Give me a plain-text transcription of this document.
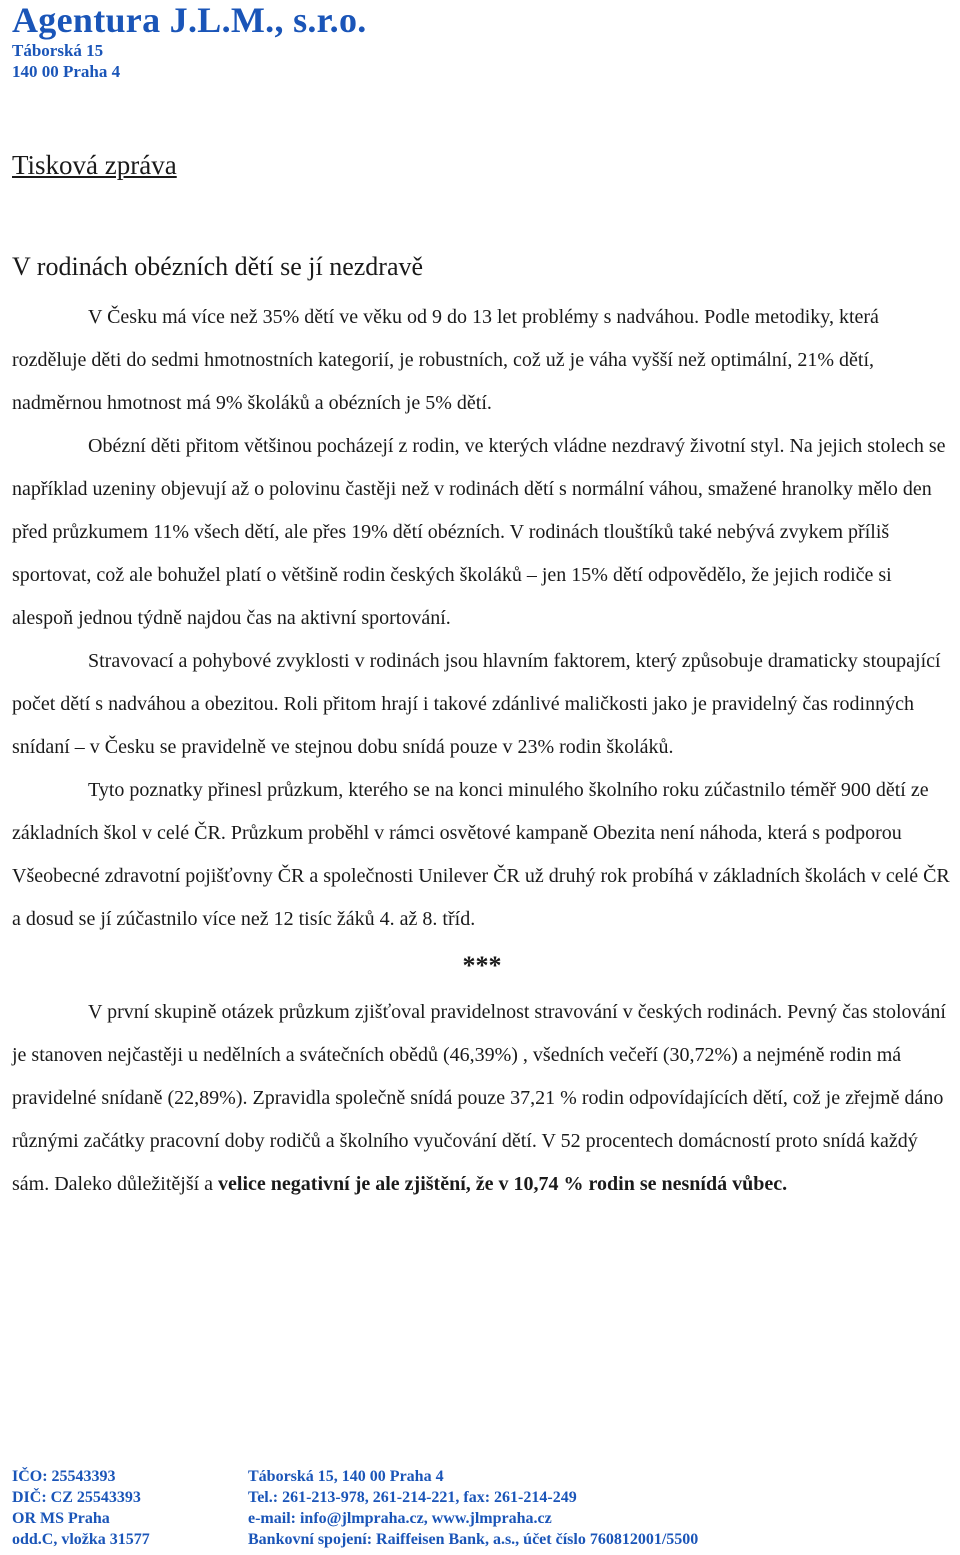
Agentura J.L.M., s.r.o.
Táborská 15
140 00 Praha 4
Tisková zpráva
V rodinách obézních dětí se jí nezdravě

V Česku má více než 35% dětí ve věku od 9 do 13 let problémy s nadváhou. Podle metodiky, která rozděluje děti do sedmi hmotnostních kategorií, je robustních, což už je váha vyšší než optimální, 21% dětí, nadměrnou hmotnost má 9% školáků a obézních je 5% dětí.

Obézní děti přitom většinou pocházejí z rodin, ve kterých vládne nezdravý životní styl. Na jejich stolech se například uzeniny objevují až o polovinu častěji než v rodinách dětí s normální váhou, smažené hranolky mělo den před průzkumem 11% všech dětí, ale přes 19% dětí obézních. V rodinách tlouštíků také nebývá zvykem příliš sportovat, což ale bohužel platí o většině rodin českých školáků – jen 15% dětí odpovědělo, že jejich rodiče si alespoň jednou týdně najdou čas na aktivní sportování.

Stravovací a pohybové zvyklosti v rodinách jsou hlavním faktorem, který způsobuje dramaticky stoupající počet dětí s nadváhou a obezitou. Roli přitom hrají i takové zdánlivé maličkosti jako je pravidelný čas rodinných snídaní – v Česku se pravidelně ve stejnou dobu snídá pouze v 23% rodin školáků.

Tyto poznatky přinesl průzkum, kterého se na konci minulého školního roku zúčastnilo téměř 900 dětí ze základních škol v celé ČR. Průzkum proběhl v rámci osvětové kampaně Obezita není náhoda, která s podporou Všeobecné zdravotní pojišťovny ČR a společnosti Unilever ČR už druhý rok probíhá v základních školách v celé ČR a dosud se jí zúčastnilo více než 12 tisíc žáků 4. až 8. tříd.

***

V první skupině otázek průzkum zjišťoval pravidelnost stravování v českých rodinách. Pevný čas stolování je stanoven nejčastěji u nedělních a svátečních obědů (46,39%) , všedních večeří (30,72%) a nejméně rodin má pravidelné snídaně (22,89%). Zpravidla společně snídá pouze 37,21 % rodin odpovídajících dětí, což je zřejmě dáno různými začátky pracovní doby rodičů a školního vyučování dětí. V 52 procentech domácností proto snídá každý sám. Daleko důležitější a velice negativní je ale zjištění, že v 10,74 % rodin se nesnídá vůbec.

IČO: 25543393
DIČ: CZ 25543393
OR MS Praha
odd.C, vložka 31577
Táborská 15, 140 00 Praha 4
Tel.: 261-213-978, 261-214-221, fax: 261-214-249
e-mail: info@jlmpraha.cz, www.jlmpraha.cz
Bankovní spojení: Raiffeisen Bank, a.s., účet číslo 760812001/5500
